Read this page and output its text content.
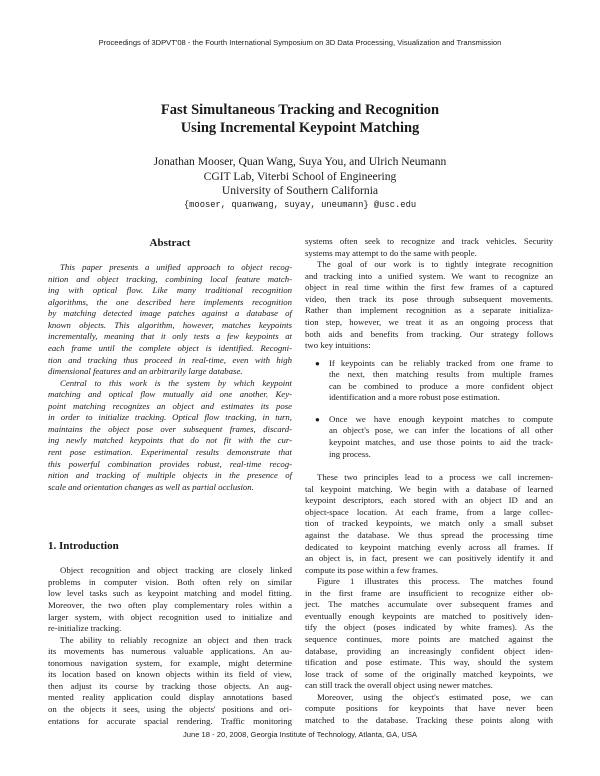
Proceedings of 3DPVT'08 - the Fourth International Symposium on 3D Data Processing, Visualization and Transmission
Fast Simultaneous Tracking and Recognition
Using Incremental Keypoint Matching
Jonathan Mooser, Quan Wang, Suya You, and Ulrich Neumann
CGIT Lab, Viterbi School of Engineering
University of Southern California
{mooser, quanwang, suyay, uneumann} @usc.edu
Abstract
This paper presents a unified approach to object recog-
nition and object tracking, combining local feature match-
ing with optical flow. Like many traditional recognition
algorithms, the one described here implements recognition
by matching detected image patches against a database of
known objects. This algorithm, however, matches keypoints
incrementally, meaning that it only tests a few keypoints at
each frame until the complete object is identified. Recogni-
tion and tracking thus proceed in real-time, even with high
dimensional features and an arbitrarily large database.
Central to this work is the system by which keypoint
matching and optical flow mutually aid one another. Key-
point matching recognizes an object and estimates its pose
in order to initialize tracking. Optical flow tracking, in turn,
maintains the object pose over subsequent frames, discard-
ing newly matched keypoints that do not fit with the cur-
rent pose estimation. Experimental results demonstrate that
this powerful combination provides robust, real-time recog-
nition and tracking of multiple objects in the presence of
scale and orientation changes as well as partial occlusion.
1. Introduction
Object recognition and object tracking are closely linked
problems in computer vision. Both often rely on similar
low level tasks such as keypoint matching and model fitting.
Moreover, the two often play complementary roles within a
larger system, with object recognition used to initialize and
re-initialize tracking.
The ability to reliably recognize an object and then track
its movements has numerous valuable applications. An au-
tonomous navigation system, for example, might determine
its location based on known objects within its field of view,
then adjust its course by tracking those objects. An aug-
mented reality application could display annotations based
on the objects it sees, using the objects' positions and ori-
entations for accurate spacial rendering. Traffic monitoring
systems often seek to recognize and track vehicles. Security
systems may attempt to do the same with people.
The goal of our work is to tightly integrate recognition
and tracking into a unified system. We want to recognize an
object in real time within the first few frames of a captured
video, then track its pose through subsequent movements.
Rather than implement recognition as a separate initializa-
tion step, however, we treat it as an ongoing process that
both aids and benefits from tracking. Our strategy follows
two key intuitions:
● If keypoints can be reliably tracked from one frame to
the next, then matching results from multiple frames
can be combined to produce a more confident object
identification and a more robust pose estimation.
● Once we have enough keypoint matches to compute
an object's pose, we can infer the locations of all other
keypoint matches, and use those points to aid the track-
ing process.
These two principles lead to a process we call incremen-
tal keypoint matching. We begin with a database of learned
keypoint descriptors, each stored with an object ID and an
object-space location. At each frame, from a large collec-
tion of tracked keypoints, we match only a small subset
against the database. We thus spread the processing time
dedicated to keypoint matching evenly across all frames. If
an object is, in fact, present we can positively identify it and
compute its pose within a few frames.
Figure 1 illustrates this process. The matches found
in the first frame are insufficient to recognize either ob-
ject. The matches accumulate over subsequent frames and
eventually enough keypoints are matched to positively iden-
tify the object (poses indicated by white frames). As the
sequence continues, more points are matched against the
database, providing an increasingly confident object iden-
tification and pose estimate. This way, should the system
lose track of some of the originally matched keypoints, we
can still track the overall object using newer matches.
Moreover, using the object's estimated pose, we can
compute positions for keypoints that have never been
matched to the database. Tracking these points along with
June 18 - 20, 2008, Georgia Institute of Technology, Atlanta, GA, USA
